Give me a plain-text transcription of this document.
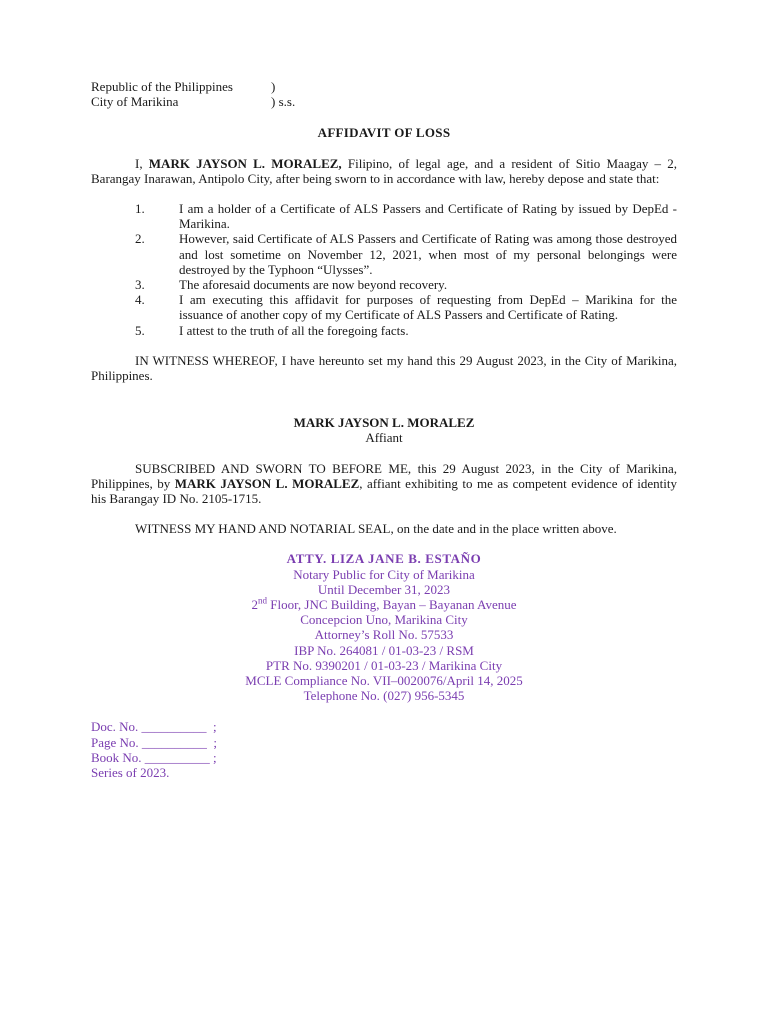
Republic of the Philippines	)
City of Marikina	) s.s.
AFFIDAVIT OF LOSS

I, MARK JAYSON L. MORALEZ, Filipino, of legal age, and a resident of Sitio Maagay – 2, Barangay Inarawan, Antipolo City, after being sworn to in accordance with law, hereby depose and state that:

1.	I am a holder of a Certificate of ALS Passers and Certificate of Rating by issued by DepEd - Marikina.
2.	However, said Certificate of ALS Passers and Certificate of Rating was among those destroyed and lost sometime on November 12, 2021, when most of my personal belongings were destroyed by the Typhoon “Ulysses”.
3.	The aforesaid documents are now beyond recovery.
4.	I am executing this affidavit for purposes of requesting from DepEd – Marikina for the issuance of another copy of my Certificate of ALS Passers and Certificate of Rating.
5.	I attest to the truth of all the foregoing facts.

IN WITNESS WHEREOF, I have hereunto set my hand this 29 August 2023, in the City of Marikina, Philippines.

MARK JAYSON L. MORALEZ
Affiant

SUBSCRIBED AND SWORN TO BEFORE ME, this 29 August 2023, in the City of Marikina, Philippines, by MARK JAYSON L. MORALEZ, affiant exhibiting to me as competent evidence of identity his Barangay ID No. 2105-1715.

WITNESS MY HAND AND NOTARIAL SEAL, on the date and in the place written above.

ATTY. LIZA JANE B. ESTAÑO
Notary Public for City of Marikina
Until December 31, 2023
2nd Floor, JNC Building, Bayan – Bayanan Avenue
Concepcion Uno, Marikina City
Attorney’s Roll No. 57533
IBP No. 264081 / 01-03-23 / RSM
PTR No. 9390201 / 01-03-23 / Marikina City
MCLE Compliance No. VII–0020076/April 14, 2025
Telephone No. (027) 956-5345
Doc. No. __________  ;
Page No. __________  ;
Book No. __________ ;
Series of 2023.
